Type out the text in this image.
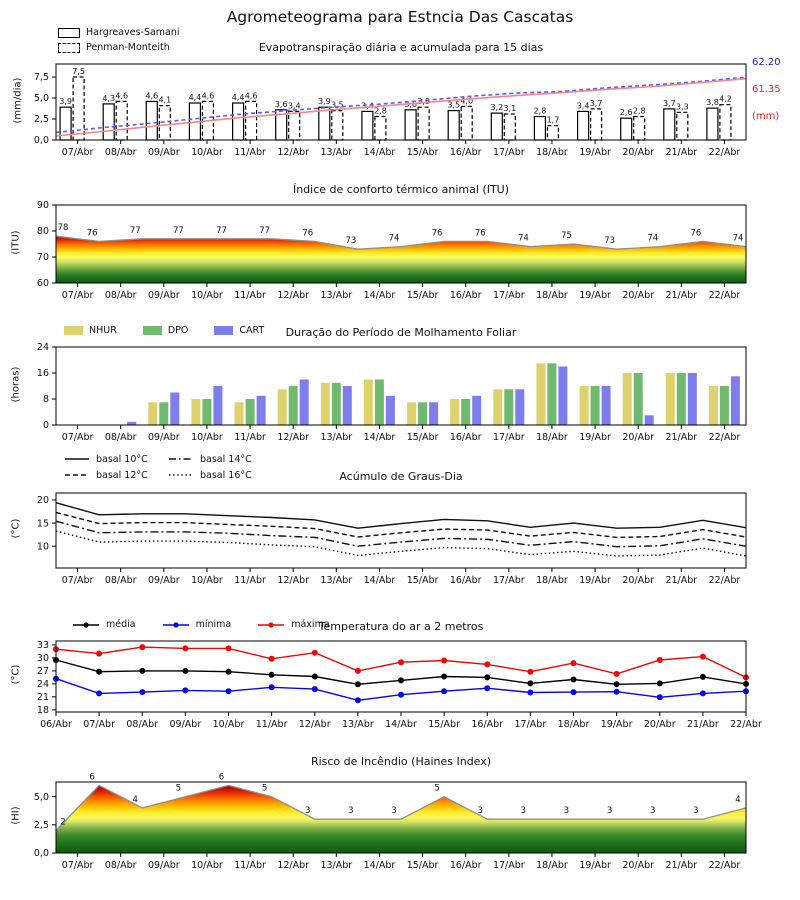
Agrometeograma para Estncia Das Cascatas
3,9	4,3	4,6	4,4	4,4
3,6	3,9	3,4	3,6	3,5	3,2	2,8
3,4
2,6
3,7	3,8
7,5
4,6	4,1	4,6	4,6
3,4	3,5
2,8
3,9	4,0
3,1
1,7
3,7
2,8	3,3
4,2
0,0
2,5
5,0
7,5
07/Abr 08/Abr 09/Abr 10/Abr 11/Abr 12/Abr 13/Abr 14/Abr 15/Abr 16/Abr 17/Abr 18/Abr 19/Abr 20/Abr 21/Abr 22/Abr
78
76	77	77	77	77	76
73	74
76	76
74	75
73	74
76
74
60
70
80
90
07/Abr 08/Abr 09/Abr 10/Abr 11/Abr 12/Abr 13/Abr 14/Abr 15/Abr 16/Abr 17/Abr 18/Abr 19/Abr 20/Abr 21/Abr 22/Abr
0
8
16
24
07/Abr 08/Abr 09/Abr 10/Abr 11/Abr 12/Abr 13/Abr 14/Abr 15/Abr 16/Abr 17/Abr 18/Abr 19/Abr 20/Abr 21/Abr 22/Abr
10
15
20
07/Abr 08/Abr 09/Abr 10/Abr 11/Abr 12/Abr 13/Abr 14/Abr 15/Abr 16/Abr 17/Abr 18/Abr 19/Abr 20/Abr 21/Abr 22/Abr
18
21
24
27
30
33
06/Abr 07/Abr 08/Abr 09/Abr 10/Abr 11/Abr 12/Abr 13/Abr 14/Abr 15/Abr 16/Abr 17/Abr 18/Abr 19/Abr 20/Abr 21/Abr 22/Abr
2
6
4
5
6
5
3	3	3
5
3	3	3	3	3	3
4
0,0
2,5
5,0
07/Abr 08/Abr 09/Abr 10/Abr 11/Abr 12/Abr 13/Abr 14/Abr 15/Abr 16/Abr 17/Abr 18/Abr 19/Abr 20/Abr 21/Abr 22/Abr
Hargreaves-Samani
Penman-Monteith	Evapotranspiração diária e acumulada para 15 dias
(mm/dia)
62.20
61.35
(mm)
Índice de conforto térmico animal (ITU)
(ITU)
NHUR	DPO	CART	Duração do Período de Molhamento Foliar
(horas)
basal 10°C
basal 12°C
basal 14°C
basal 16°C	Acúmulo de Graus-Dia
(°C)
média	mínima	máxima
Temperatura do ar a 2 metros
(°C)
Risco de Incêndio (Haines Index)
(HI)
